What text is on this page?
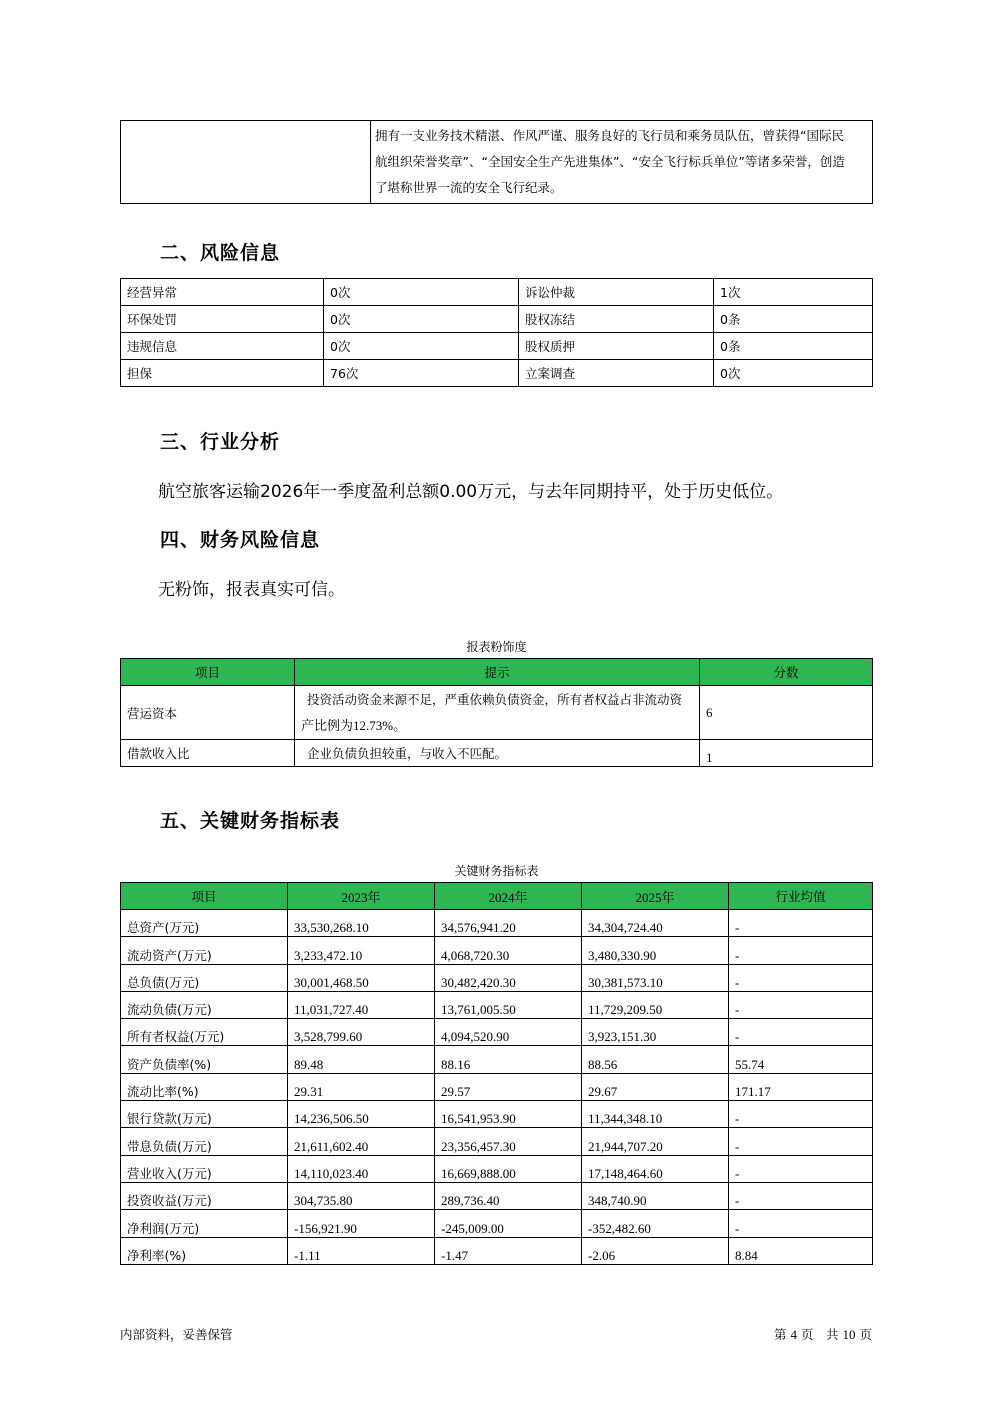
拥有一支业务技术精湛、作风严谨、服务良好的飞行员和乘务员队伍，曾获得“国际民
航组织荣誉奖章”、“全国安全生产先进集体”、“安全飞行标兵单位”等诸多荣誉，创造
了堪称世界一流的安全飞行纪录。
二、风险信息
经营异常	0次	诉讼仲裁	1次
环保处罚	0次	股权冻结	0条
违规信息	0次	股权质押	0条
担保	76次	立案调查	0次
三、行业分析
航空旅客运输2026年一季度盈利总额0.00万元，与去年同期持平，处于历史低位。
四、财务风险信息
无粉饰，报表真实可信。
报表粉饰度
项目	提示	分数
营运资本	投资活动资金来源不足，严重依赖负债资金，所有者权益占非流动资
产比例为12.73%。	6
借款收入比	企业负债负担较重，与收入不匹配。	1
五、关键财务指标表
关键财务指标表
项目	2023年	2024年	2025年	行业均值
总资产(万元)	33,530,268.10	34,576,941.20	34,304,724.40	-
流动资产(万元)	3,233,472.10	4,068,720.30	3,480,330.90	-
总负债(万元)	30,001,468.50	30,482,420.30	30,381,573.10	-
流动负债(万元)	11,031,727.40	13,761,005.50	11,729,209.50	-
所有者权益(万元)	3,528,799.60	4,094,520.90	3,923,151.30	-
资产负债率(%)	89.48	88.16	88.56	55.74
流动比率(%)	29.31	29.57	29.67	171.17
银行贷款(万元)	14,236,506.50	16,541,953.90	11,344,348.10	-
带息负债(万元)	21,611,602.40	23,356,457.30	21,944,707.20	-
营业收入(万元)	14,110,023.40	16,669,888.00	17,148,464.60	-
投资收益(万元)	304,735.80	289,736.40	348,740.90	-
净利润(万元)	-156,921.90	-245,009.00	-352,482.60	-
净利率(%)	-1.11	-1.47	-2.06	8.84
内部资料，妥善保管	第 4 页　共 10 页
